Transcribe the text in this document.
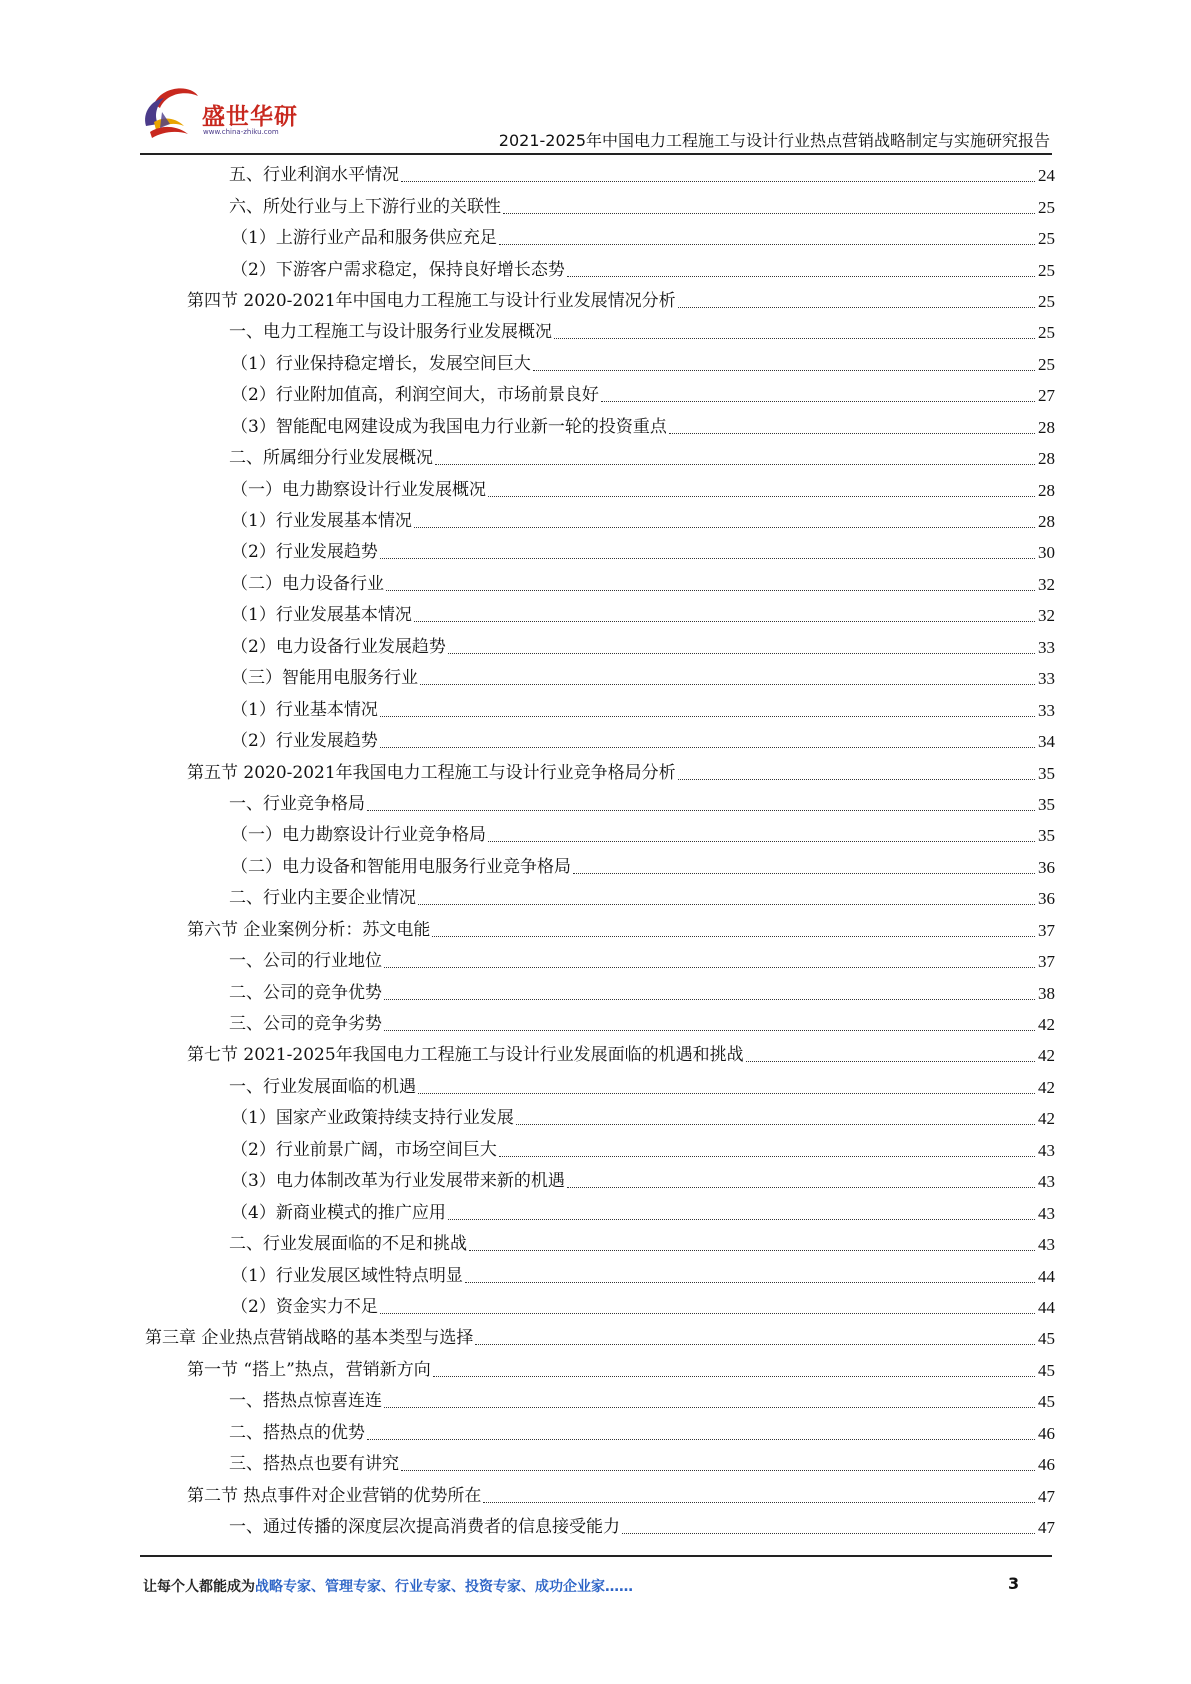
盛世华研
www.china-zhiku.com	2021-2025年中国电力工程施工与设计行业热点营销战略制定与实施研究报告
五、行业利润水平情况	24
六、所处行业与上下游行业的关联性	25
（1）上游行业产品和服务供应充足	25
（2）下游客户需求稳定，保持良好增长态势	25
第四节 2020-2021年中国电力工程施工与设计行业发展情况分析	25
一、电力工程施工与设计服务行业发展概况	25
（1）行业保持稳定增长，发展空间巨大	25
（2）行业附加值高，利润空间大，市场前景良好	27
（3）智能配电网建设成为我国电力行业新一轮的投资重点	28
二、所属细分行业发展概况	28
（一）电力勘察设计行业发展概况	28
（1）行业发展基本情况	28
（2）行业发展趋势	30
（二）电力设备行业	32
（1）行业发展基本情况	32
（2）电力设备行业发展趋势	33
（三）智能用电服务行业	33
（1）行业基本情况	33
（2）行业发展趋势	34
第五节 2020-2021年我国电力工程施工与设计行业竞争格局分析	35
一、行业竞争格局	35
（一）电力勘察设计行业竞争格局	35
（二）电力设备和智能用电服务行业竞争格局	36
二、行业内主要企业情况	36
第六节 企业案例分析：苏文电能	37
一、公司的行业地位	37
二、公司的竞争优势	38
三、公司的竞争劣势	42
第七节 2021-2025年我国电力工程施工与设计行业发展面临的机遇和挑战	42
一、行业发展面临的机遇	42
（1）国家产业政策持续支持行业发展	42
（2）行业前景广阔，市场空间巨大	43
（3）电力体制改革为行业发展带来新的机遇	43
（4）新商业模式的推广应用	43
二、行业发展面临的不足和挑战	43
（1）行业发展区域性特点明显	44
（2）资金实力不足	44
第三章 企业热点营销战略的基本类型与选择	45
第一节 “搭上”热点，营销新方向	45
一、搭热点惊喜连连	45
二、搭热点的优势	46
三、搭热点也要有讲究	46
第二节 热点事件对企业营销的优势所在	47
一、通过传播的深度层次提高消费者的信息接受能力	47
让每个人都能成为战略专家、管理专家、行业专家、投资专家、成功企业家……	3
